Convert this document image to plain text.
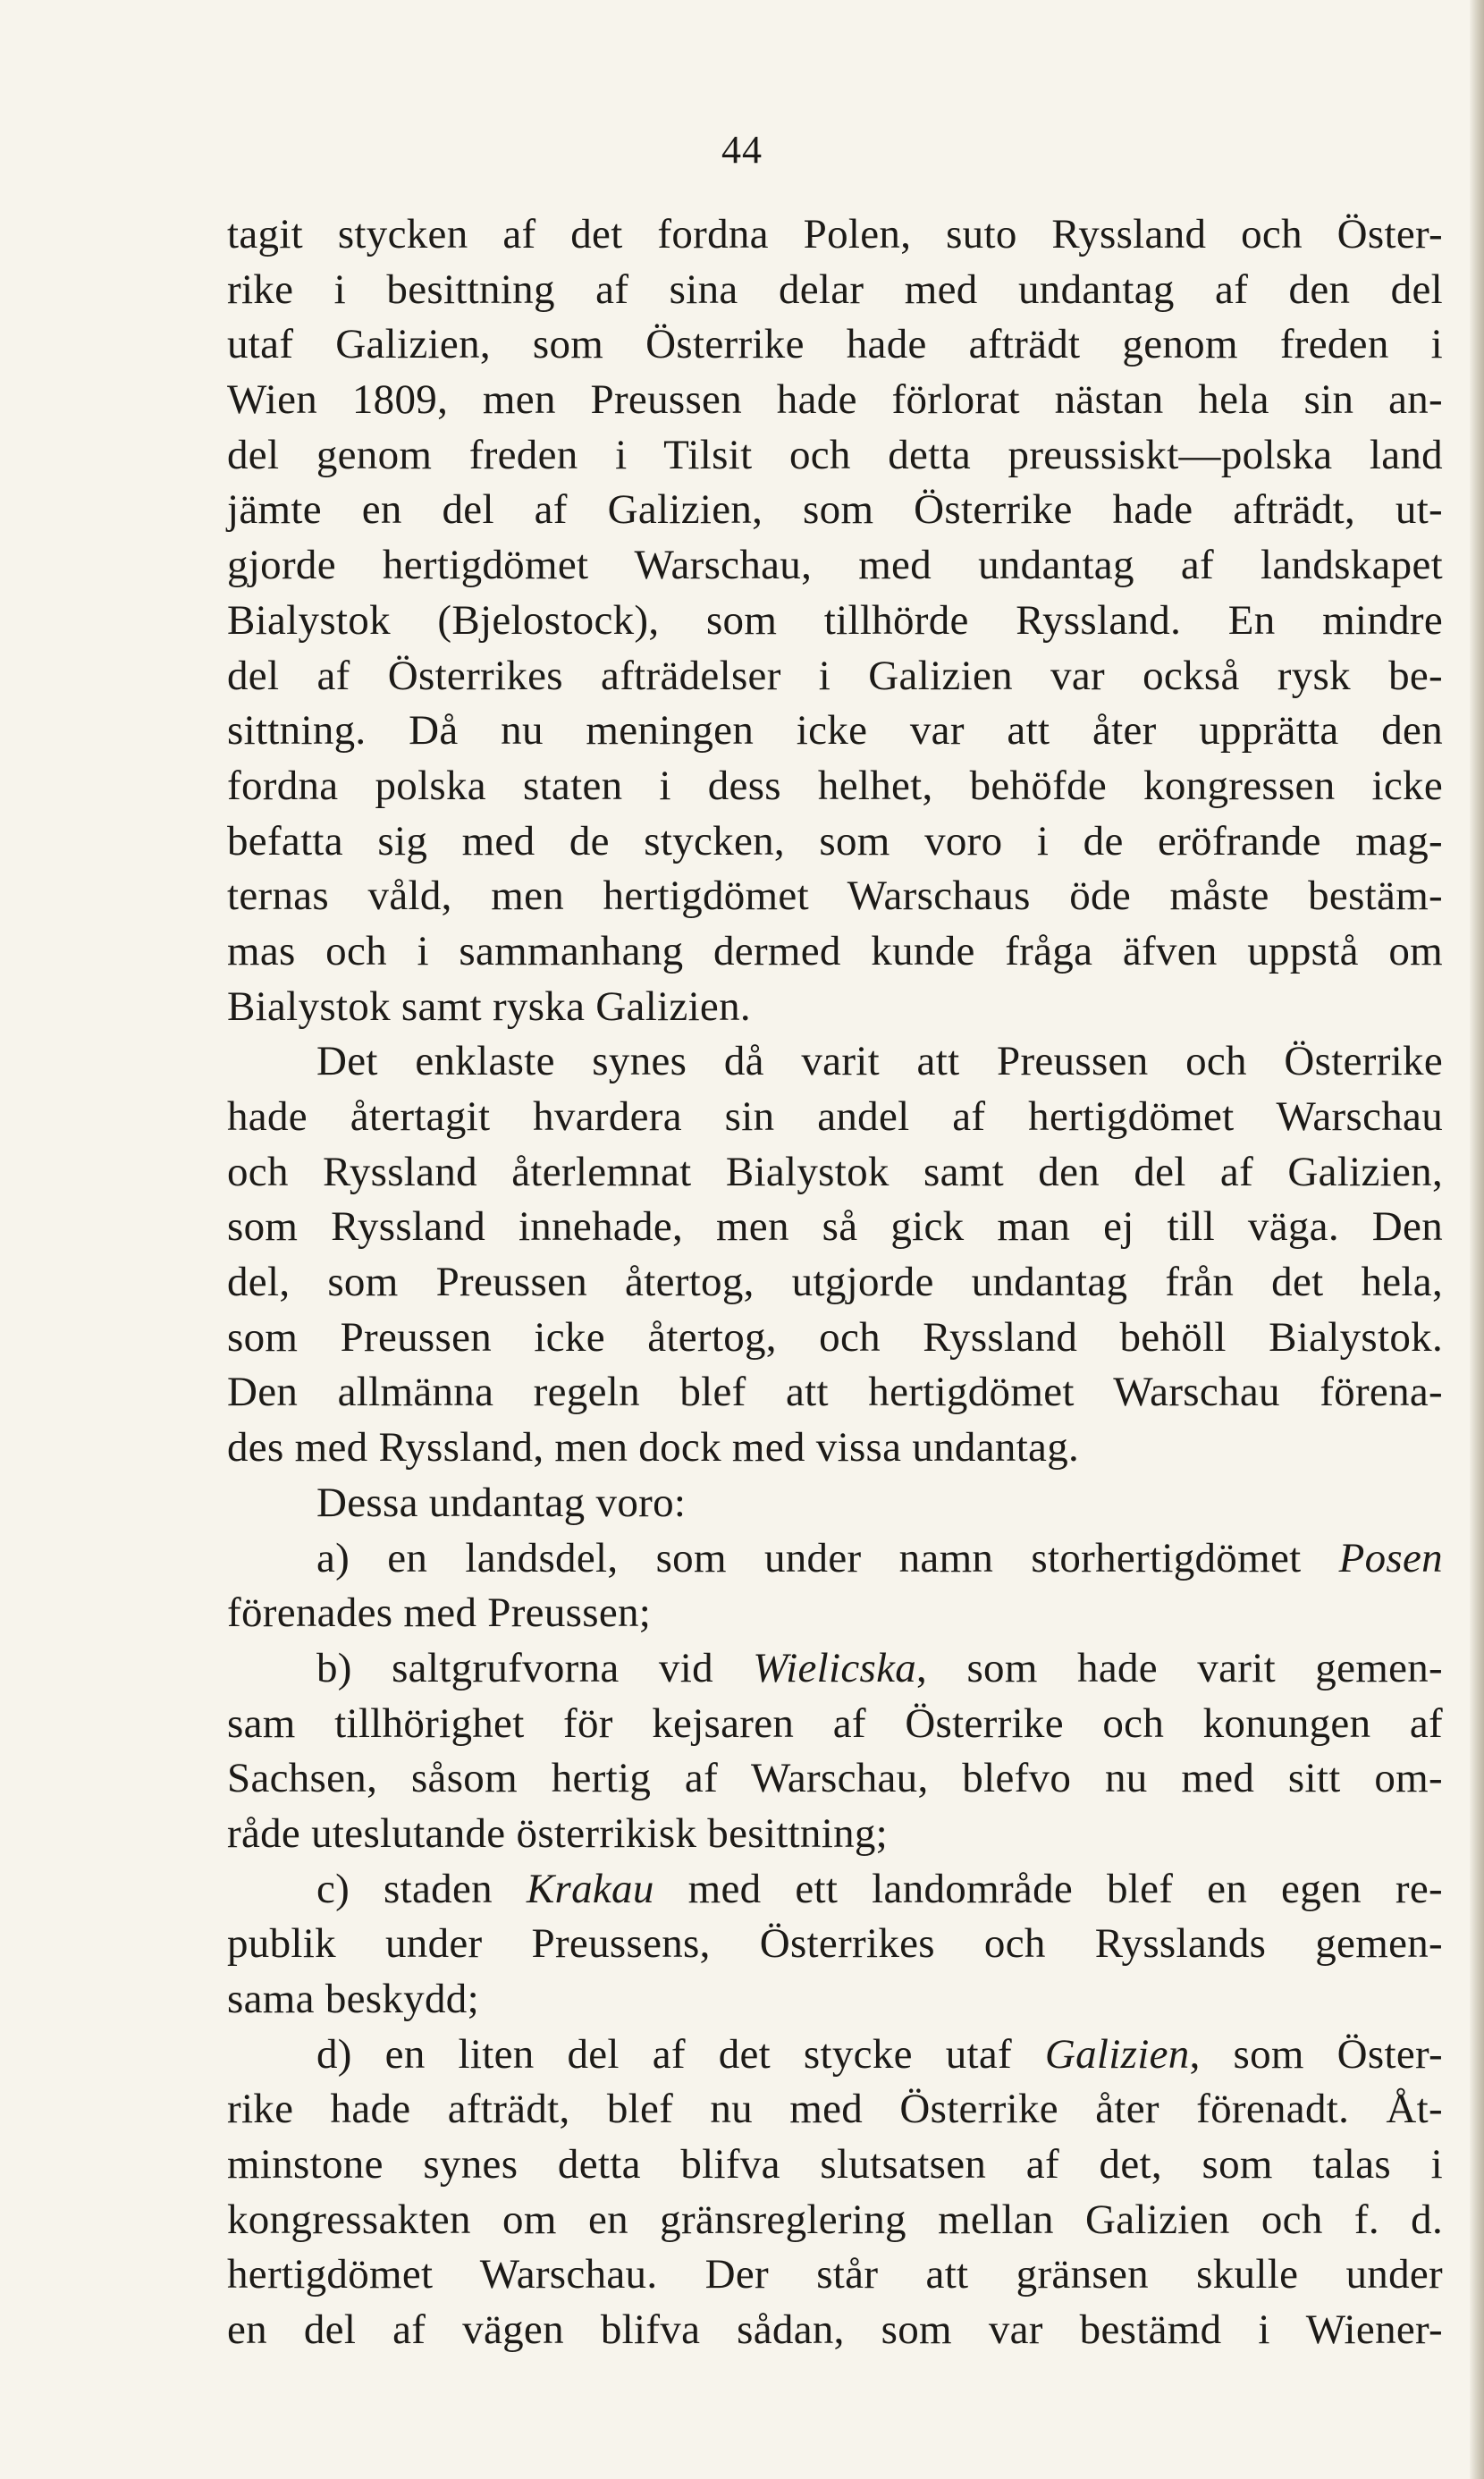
44
tagit stycken af det fordna Polen, suto Ryssland och Öster-
rike i besittning af sina delar med undantag af den del
utaf Galizien, som Österrike hade afträdt genom freden i
Wien 1809, men Preussen hade förlorat nästan hela sin an-
del genom freden i Tilsit och detta preussiskt—polska land
jämte en del af Galizien, som Österrike hade afträdt, ut-
gjorde hertigdömet Warschau, med undantag af landskapet
Bialystok (Bjelostock), som tillhörde Ryssland. En mindre
del af Österrikes afträdelser i Galizien var också rysk be-
sittning. Då nu meningen icke var att åter upprätta den
fordna polska staten i dess helhet, behöfde kongressen icke
befatta sig med de stycken, som voro i de eröfrande mag-
ternas våld, men hertigdömet Warschaus öde måste bestäm-
mas och i sammanhang dermed kunde fråga äfven uppstå om
Bialystok samt ryska Galizien.
Det enklaste synes då varit att Preussen och Österrike
hade återtagit hvardera sin andel af hertigdömet Warschau
och Ryssland återlemnat Bialystok samt den del af Galizien,
som Ryssland innehade, men så gick man ej till väga. Den
del, som Preussen återtog, utgjorde undantag från det hela,
som Preussen icke återtog, och Ryssland behöll Bialystok.
Den allmänna regeln blef att hertigdömet Warschau förena-
des med Ryssland, men dock med vissa undantag.
Dessa undantag voro:
a) en landsdel, som under namn storhertigdömet Posen
förenades med Preussen;
b) saltgrufvorna vid Wielicska, som hade varit gemen-
sam tillhörighet för kejsaren af Österrike och konungen af
Sachsen, såsom hertig af Warschau, blefvo nu med sitt om-
råde uteslutande österrikisk besittning;
c) staden Krakau med ett landområde blef en egen re-
publik under Preussens, Österrikes och Rysslands gemen-
sama beskydd;
d) en liten del af det stycke utaf Galizien, som Öster-
rike hade afträdt, blef nu med Österrike åter förenadt. Åt-
minstone synes detta blifva slutsatsen af det, som talas i
kongressakten om en gränsreglering mellan Galizien och f. d.
hertigdömet Warschau. Der står att gränsen skulle under
en del af vägen blifva sådan, som var bestämd i Wiener-
